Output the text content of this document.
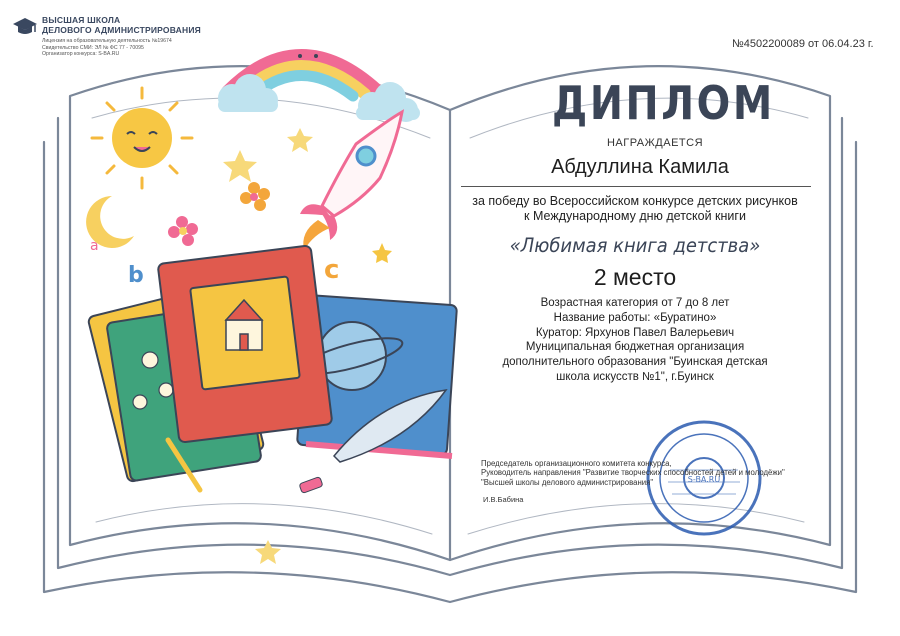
b	c
a
S-BA.RU
ВЫСШАЯ ШКОЛА
ДЕЛОВОГО АДМИНИСТРИРОВАНИЯ
Лицензия на образовательную деятельность №19674
Свидетельство СМИ: ЭЛ № ФС 77 - 70095
Организатор конкурса: S-BA.RU
№4502200089 от 06.04.23 г.
ДИПЛОМ
НАГРАЖДАЕТСЯ
Абдуллина Камила
за победу во Всероссийском конкурсе детских рисунков
к Международному дню детской книги
«Любимая книга детства»
2 место
Возрастная категория от 7 до 8 лет
Название работы: «Буратино»
Куратор: Ярхунов Павел Валерьевич
Муниципальная бюджетная организация
дополнительного образования "Буинская детская
школа искусств №1", г.Буинск
Председатель организационного комитета конкурса,
Руководитель направления "Развитие творческих способностей детей и молодёжи"
"Высшей школы делового администрирования"
И.В.Бабина
